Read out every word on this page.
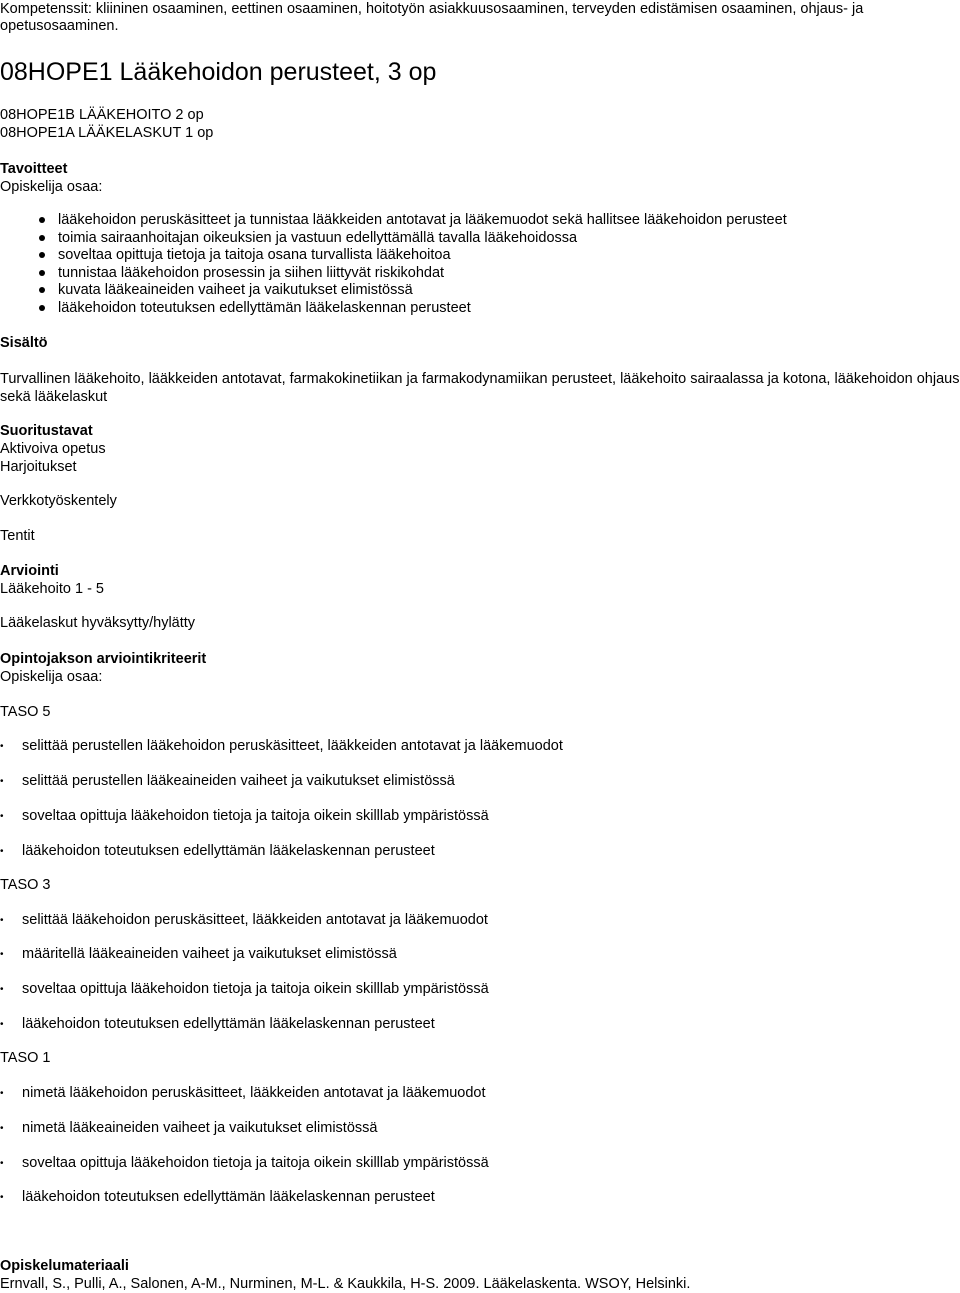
Kompetenssit: kliininen osaaminen, eettinen osaaminen, hoitotyön asiakkuusosaaminen, terveyden edistämisen osaaminen, ohjaus- ja opetusosaaminen.
08HOPE1 Lääkehoidon perusteet, 3 op
08HOPE1B LÄÄKEHOITO 2 op
08HOPE1A LÄÄKELASKUT 1 op
Tavoitteet
Opiskelija osaa:
lääkehoidon peruskäsitteet ja tunnistaa lääkkeiden antotavat ja lääkemuodot sekä hallitsee lääkehoidon perusteet
toimia sairaanhoitajan oikeuksien ja vastuun edellyttämällä tavalla lääkehoidossa
soveltaa opittuja tietoja ja taitoja osana turvallista lääkehoitoa
tunnistaa lääkehoidon prosessin ja siihen liittyvät riskikohdat
kuvata lääkeaineiden vaiheet ja vaikutukset elimistössä
lääkehoidon toteutuksen edellyttämän lääkelaskennan perusteet
Sisältö
Turvallinen lääkehoito, lääkkeiden antotavat, farmakokinetiikan ja farmakodynamiikan perusteet, lääkehoito sairaalassa ja kotona, lääkehoidon ohjaus sekä lääkelaskut
Suoritustavat
Aktivoiva opetus
Harjoitukset
Verkkotyöskentely
Tentit
Arviointi
Lääkehoito 1 - 5
Lääkelaskut hyväksytty/hylätty
Opintojakson arviointikriteerit
Opiskelija osaa:
TASO 5
•selittää perustellen lääkehoidon peruskäsitteet, lääkkeiden antotavat ja lääkemuodot
•selittää perustellen lääkeaineiden vaiheet ja vaikutukset elimistössä
•soveltaa opittuja lääkehoidon tietoja ja taitoja oikein skilllab ympäristössä
•lääkehoidon toteutuksen edellyttämän lääkelaskennan perusteet
TASO 3
•selittää lääkehoidon peruskäsitteet, lääkkeiden antotavat ja lääkemuodot
•määritellä lääkeaineiden vaiheet ja vaikutukset elimistössä
•soveltaa opittuja lääkehoidon tietoja ja taitoja oikein skilllab ympäristössä
•lääkehoidon toteutuksen edellyttämän lääkelaskennan perusteet
TASO 1
•nimetä lääkehoidon peruskäsitteet, lääkkeiden antotavat ja lääkemuodot
•nimetä lääkeaineiden vaiheet ja vaikutukset elimistössä
•soveltaa opittuja lääkehoidon tietoja ja taitoja oikein skilllab ympäristössä
•lääkehoidon toteutuksen edellyttämän lääkelaskennan perusteet
Opiskelumateriaali
Ernvall, S., Pulli, A., Salonen, A-M., Nurminen, M-L. & Kaukkila, H-S. 2009. Lääkelaskenta. WSOY, Helsinki.
